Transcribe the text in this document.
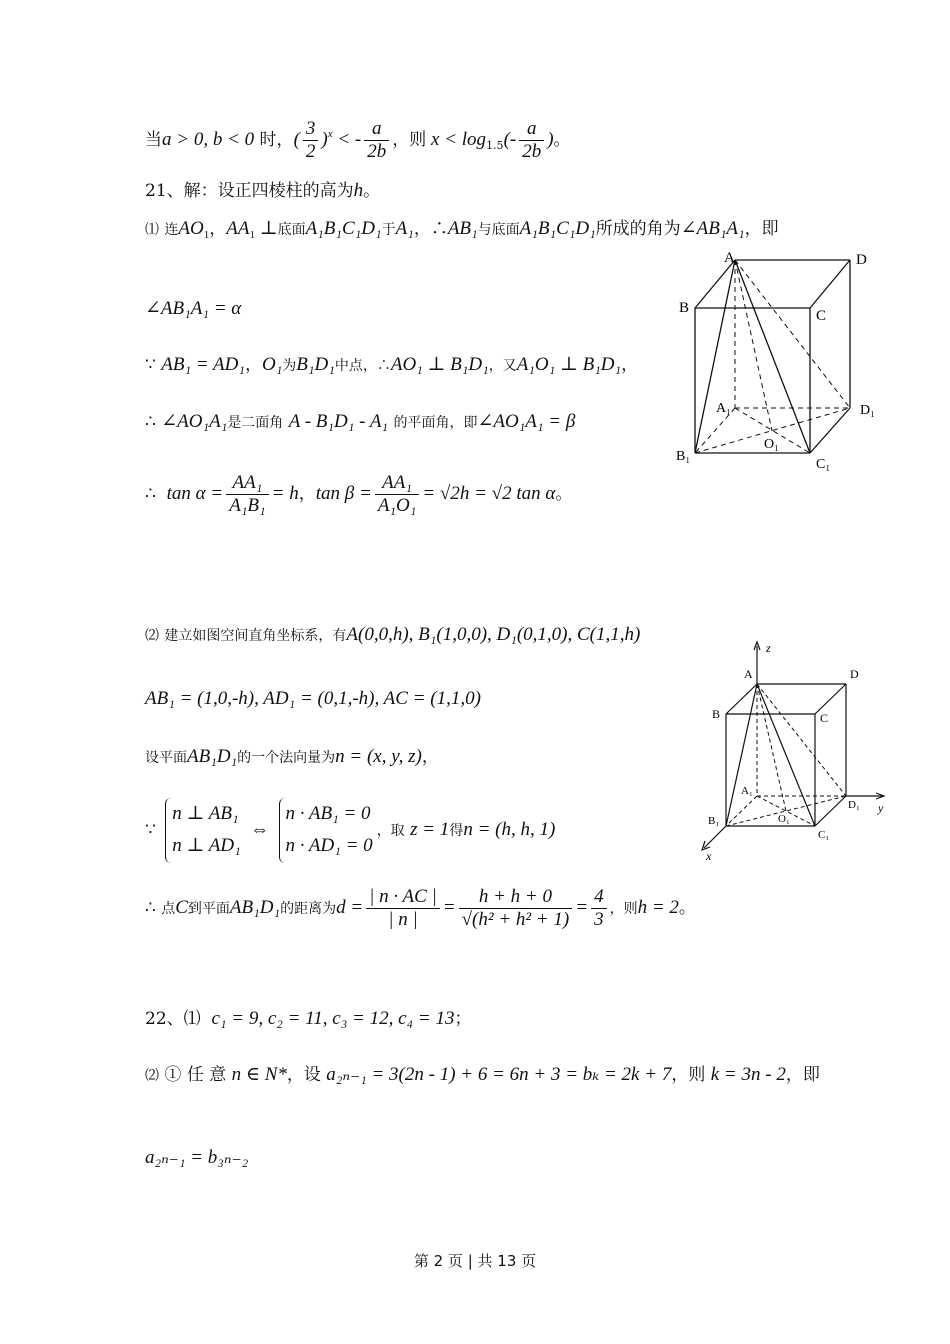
当a > 0, b < 0 时，( $\frac{3}{2} )^x$ < - $\frac{a}{2b}$ ，则 $x < \log_{1.5}(- \frac{a}{2b}$ )。
21、解：设正四棱柱的高为h。
⑴ 连$AO_1$，$AA_1$ ⊥底面A₁B₁C₁D₁于A₁，∴AB₁与底面A₁B₁C₁D₁所成的角为∠AB₁A₁，即
∠AB₁A₁ = α
∵ AB₁ = AD₁，O₁为B₁D₁中点，∴AO₁ ⊥ B₁D₁，又A₁O₁ ⊥ B₁D₁，
∴ ∠AO₁A₁是二面角 A - B₁D₁ - A₁ 的平面角，即∠AO₁A₁ = β
∴ $\tan \alpha = \frac{\text{AA₁}}{\text{A₁B₁}} = h$，$\tan \beta = \frac{\text{AA₁}}{\text{A₁O₁}} = √2h = √2$ tan α。
A	D
B	C
A₁	D₁
O₁
B₁
C₁
⑵ 建立如图空间直角坐标系，有A(0,0,h), B₁(1,0,0), D₁(0,1,0), C(1,1,h)
AB₁ = (1,0,-h), AD₁ = (0,1,-h), AC = (1,1,0)
设平面AB₁D₁的一个法向量为n = (x, y, z)，
∵
n ⊥ AB₁
n ⊥ AD₁
⇔
n · AB₁ = 0
n · AD₁ = 0
，取 z = 1得n = (h, h, 1)
z
A	D
B	C
A₁
D₁ y
B₁	O₁
C₁
x
∴ 点C到平面AB₁D₁的距离为$d = \frac{| n \cdot AC |}{| n |} = \frac{h + h + 0}{\text{√(h² + h² + 1)}} = \frac{4}{3}$ ，则h = 2。
22、⑴ c₁ = 9, c₂ = 11, c₃ = 12, c₄ = 13；
⑵ ① 任 意 n ∈ N*，设 a₂ₙ₋₁ = 3(2n - 1) + 6 = 6n + 3 = bₖ = 2k + 7，则 k = 3n - 2，即
a₂ₙ₋₁ = b₃ₙ₋₂
第 2 页 | 共 13 页
